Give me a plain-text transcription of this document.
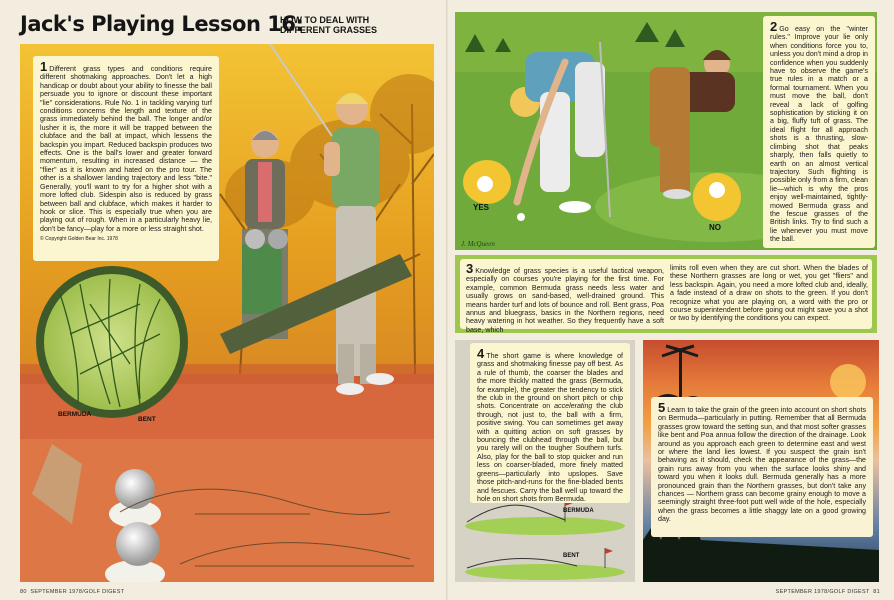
Jack's Playing Lesson 16:
HOW TO DEAL WITH
DIFFERENT GRASSES
BERMUDA
BENT
1 Different grass types and conditions require different shotmaking approaches. Don't let a high handicap or doubt about your ability to finesse the ball persuade you to ignore or discount these important "lie" considerations. Rule No. 1 in tackling varying turf conditions concerns the length and texture of the grass immediately behind the ball. The longer and/or lusher it is, the more it will be trapped between the clubface and the ball at impact, which lessens the backspin you impart. Reduced backspin produces two effects. One is the ball's lower and greater forward momentum, resulting in increased distance — the "flier" as it is known and hated on the pro tour. The other is a shallower landing trajectory and less "bite." Generally, you'll want to try for a higher shot with a more lofted club. Sidespin also is reduced by grass between ball and clubface, which makes it harder to hook or slice. This is especially true when you are playing out of rough. When in a particularly heavy lie, don't be fancy—play for a more or less straight shot.
© Copyright Golden Bear Inc. 1978
80 SEPTEMBER 1978/GOLF DIGEST
YES
NO
J. McQueen
2 Go easy on the "winter rules." Improve your lie only when conditions force you to, unless you don't mind a drop in confidence when you suddenly have to observe the game's true rules in a match or a formal tournament. When you must move the ball, don't reveal a lack of golfing sophistication by sticking it on a big, fluffy tuft of grass. The ideal flight for all approach shots is a thrusting, slow-climbing shot that peaks sharply, then falls quietly to earth on an almost vertical trajectory. Such flighting is possible only from a firm, clean lie—which is why the pros enjoy well-maintained, tightly-mowed Bermuda grass and the fescue grasses of the British links. Try to find such a lie whenever you must move the ball.
3 Knowledge of grass species is a useful tactical weapon, especially on courses you're playing for the first time. For example, common Bermuda grass needs less water and usually grows on sand-based, well-drained ground. This means harder turf and lots of bounce and roll. Bent grass, Poa annus and bluegrass, basics in the Northern regions, need heavy watering in hot weather. So they frequently have a soft base, which
limits roll even when they are cut short. When the blades of these Northern grasses are long or wet, you get "fliers" and less backspin. Again, you need a more lofted club and, ideally, a fade instead of a draw on shots to the green. If you don't recognize what you are playing on, a word with the pro or course superintendent before going out might save you a shot or two by identifying the conditions you can expect.
BERMUDA
BENT
4 The short game is where knowledge of grass and shotmaking finesse pay off best. As a rule of thumb, the coarser the blades and the more thickly matted the grass (Bermuda, for example), the greater the tendency to stick the club in the ground on short pitch or chip shots. Concentrate on accelerating the club through, not just to, the ball with a firm, positive swing. You can sometimes get away with a quitting action on soft grasses by bouncing the clubhead through the ball, but you rarely will on the tougher Southern turfs. Also, play for the ball to stop quicker and run less on coarser-bladed, more finely matted greens—particularly into upslopes. Save those pitch-and-runs for the fine-bladed bents and fescues. Carry the ball well up toward the hole on short shots from Bermuda.
5 Learn to take the grain of the green into account on short shots on Bermuda—particularly in putting. Remember that all Bermuda grasses grow toward the setting sun, and that most softer grasses like bent and Poa annua follow the direction of the drainage. Look around as you approach each green to determine east and west or where the land lies lowest. If you suspect the grain isn't behaving as it should, check the appearance of the grass—the grain runs away from you when the surface looks shiny and toward you when it looks dull. Bermuda generally has a more pronounced grain than the Northern grasses, but don't take any chances — Northern grass can become grainy enough to move a seemingly straight three-foot putt well wide of the hole, especially when the grass becomes a little shaggy late on a good growing day.
SEPTEMBER 1978/GOLF DIGEST 81
